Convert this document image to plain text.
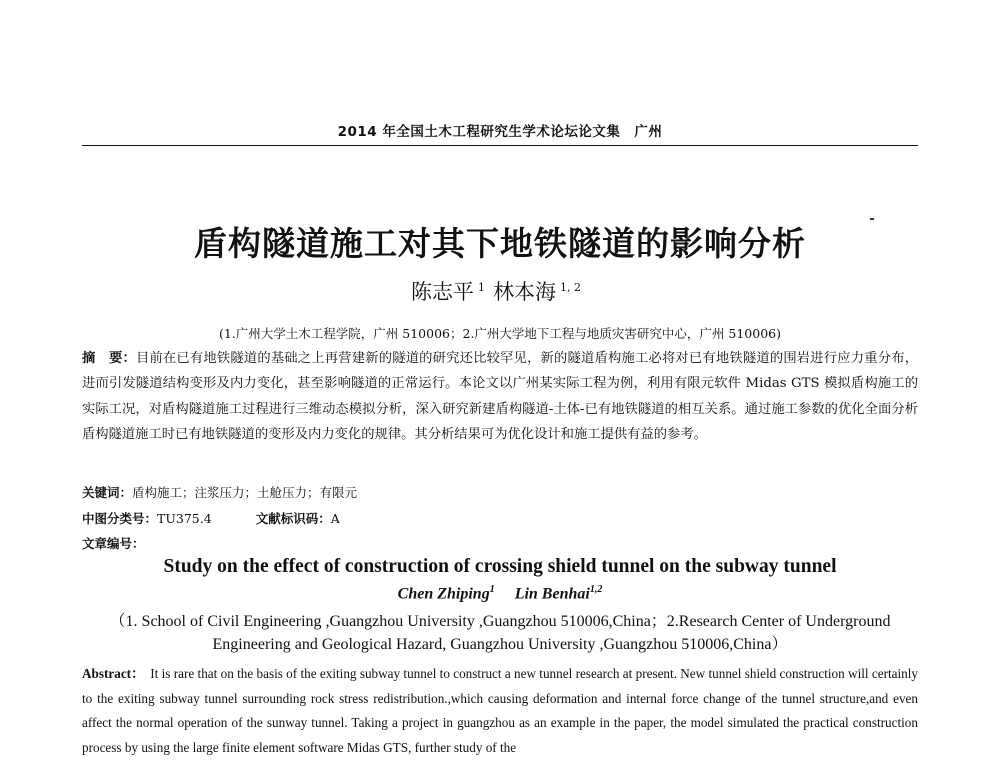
2014 年全国土木工程研究生学术论坛论文集　广州
盾构隧道施工对其下地铁隧道的影响分析
陈志平 $^1$ 林本海 $^{1, 2}$
(1.广州大学土木工程学院，广州 510006；2.广州大学地下工程与地质灾害研究中心，广州 510006)
摘　要：目前在已有地铁隧道的基础之上再营建新的隧道的研究还比较罕见，新的隧道盾构施工必将对已有地铁隧道的围岩进行应力重分布，进而引发隧道结构变形及内力变化，甚至影响隧道的正常运行。本论文以广州某实际工程为例，利用有限元软件 Midas GTS 模拟盾构施工的实际工况，对盾构隧道施工过程进行三维动态模拟分析，深入研究新建盾构隧道-土体-已有地铁隧道的相互关系。通过施工参数的优化全面分析盾构隧道施工时已有地铁隧道的变形及内力变化的规律。其分析结果可为优化设计和施工提供有益的参考。
关键词：盾构施工；注浆压力；土舱压力；有限元
中图分类号：TU375.4	文献标识码：A
文章编号：
Study on the effect of construction of crossing shield tunnel on the subway tunnel
Chen Zhiping$^1$ Lin Benhai$^{1,2}$
（1. School of Civil Engineering ,Guangzhou University ,Guangzhou 510006,China；2.Research Center of Underground
Engineering and Geological Hazard, Guangzhou University ,Guangzhou 510006,China）
Abstract： It is rare that on the basis of the exiting subway tunnel to construct a new tunnel research at present. New tunnel shield construction will certainly to the exiting subway tunnel surrounding rock stress redistribution.,which causing deformation and internal force change of the tunnel structure,and even affect the normal operation of the sunway tunnel. Taking a project in guangzhou as an example in the paper, the model simulated the practical construction process by using the large finite element software Midas GTS, further study of the
